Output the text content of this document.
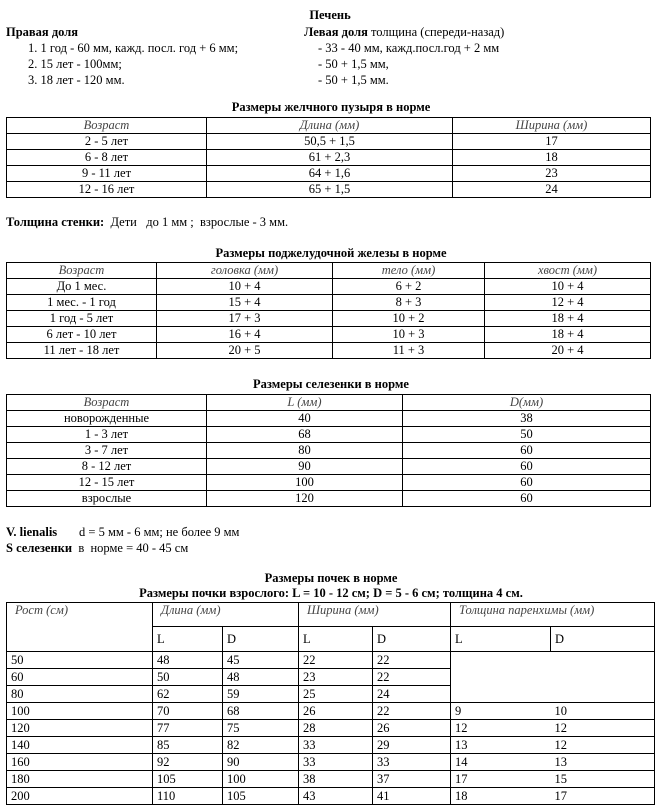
Печень
Правая доля
1. 1 год - 60 мм, кажд. посл. год + 6 мм;
2. 15 лет - 100мм;
3. 18 лет - 120 мм.
Левая доля толщина (спереди-назад)
- 33 - 40 мм, кажд.посл.год + 2 мм
- 50 + 1,5 мм,
- 50 + 1,5 мм.
Размеры желчного пузыря в норме
Возраст	Длина (мм)	Ширина (мм)
2 - 5 лет	50,5 + 1,5	17
6 - 8 лет	61 + 2,3	18
9 - 11 лет	64 + 1,6	23
12 - 16 лет	65 + 1,5	24
Толщина стенки:  Дети   до 1 мм ;  взрослые - 3 мм.
Размеры поджелудочной железы в норме
Возраст	головка (мм)	тело (мм)	хвост (мм)
До 1 мес.	10 + 4	6 + 2	10 + 4
1 мес. - 1 год	15 + 4	8 + 3	12 + 4
1 год - 5 лет	17 + 3	10 + 2	18 + 4
6 лет - 10 лет	16 + 4	10 + 3	18 + 4
11 лет - 18 лет	20 + 5	11 + 3	20 + 4
Размеры селезенки в норме
Возраст	L (мм)	D(мм)
новорожденные	40	38
1 - 3 лет	68	50
3 - 7 лет	80	60
8 - 12 лет	90	60
12 - 15 лет	100	60
взрослые	120	60
V. lienalis       d = 5 мм - 6 мм; не более 9 мм
S селезенки  в  норме = 40 - 45 см
Размеры почек в норме
Размеры почки взрослого: L = 10 - 12 см; D = 5 - 6 см; толщина 4 см.
Рост (см)	Длина (мм)		Ширина (мм)		Толщина паренхимы (мм)	
	L	D	L	D	L	D
50	48	45	22	22		
60	50	48	23	22		
80	62	59	25	24		
100	70	68	26	22	9	10
120	77	75	28	26	12	12
140	85	82	33	29	13	12
160	92	90	33	33	14	13
180	105	100	38	37	17	15
200	110	105	43	41	18	17
